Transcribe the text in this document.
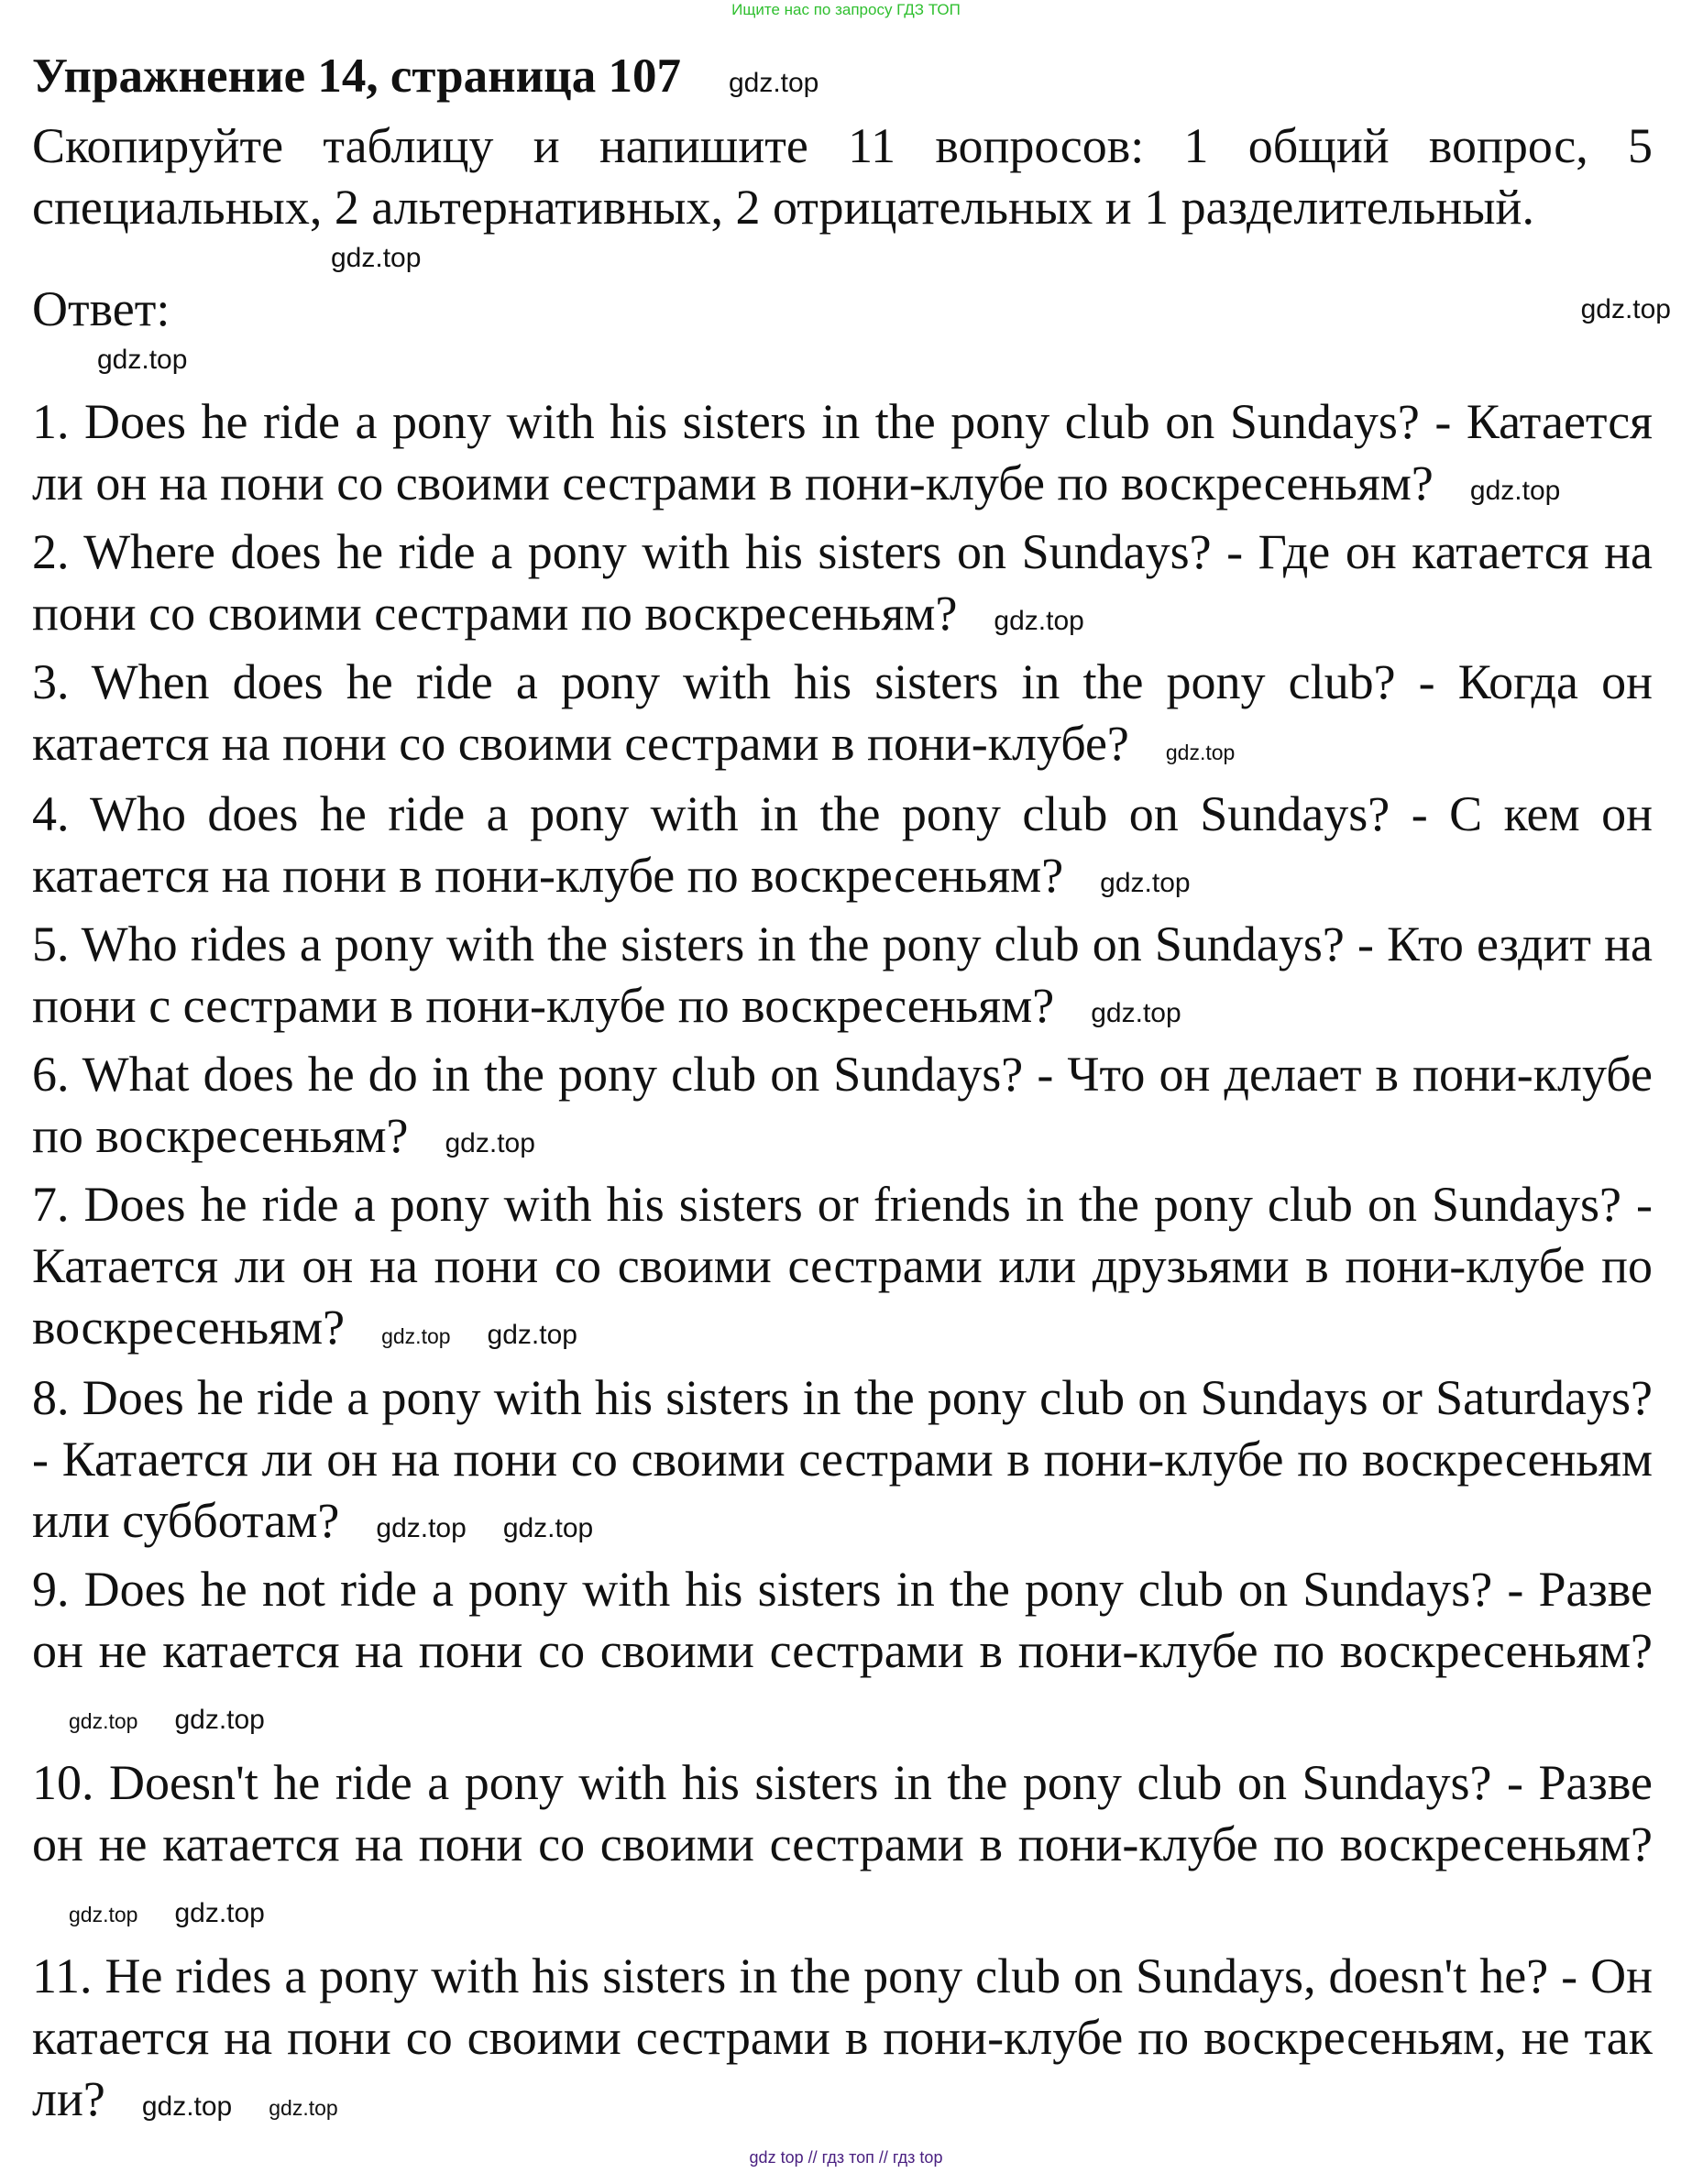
Ищите нас по запросу ГДЗ ТОП
Упражнение 14, страница 107 gdz.top

Скопируйте таблицу и напишите 11 вопросов: 1 общий вопрос, 5 специальных, 2 альтернативных, 2 отрицательных и 1 разделительный.

gdz.top
gdz.top
Ответ:
gdz.top

1. Does he ride a pony with his sisters in the pony club on Sundays? - Катается ли он на пони со своими сестрами в пони-клубе по воскресеньям? gdz.top

2. Where does he ride a pony with his sisters on Sundays? - Где он катается на пони со своими сестрами по воскресеньям? gdz.top

3. When does he ride a pony with his sisters in the pony club? - Когда он катается на пони со своими сестрами в пони-клубе? gdz.top

4. Who does he ride a pony with in the pony club on Sundays? - С кем он катается на пони в пони-клубе по воскресеньям? gdz.top

5. Who rides a pony with the sisters in the pony club on Sundays? - Кто ездит на пони с сестрами в пони-клубе по воскресеньям? gdz.top

6. What does he do in the pony club on Sundays? - Что он делает в пони-клубе по воскресеньям? gdz.top

7. Does he ride a pony with his sisters or friends in the pony club on Sundays? - Катается ли он на пони со своими сестрами или друзьями в пони-клубе по воскресеньям? gdz.top gdz.top

8. Does he ride a pony with his sisters in the pony club on Sundays or Saturdays? - Катается ли он на пони со своими сестрами в пони-клубе по воскресеньям или субботам? gdz.top gdz.top

9. Does he not ride a pony with his sisters in the pony club on Sundays? - Разве он не катается на пони со своими сестрами в пони-клубе по воскресеньям?gdz.top gdz.top

10. Doesn't he ride a pony with his sisters in the pony club on Sundays? - Разве он не катается на пони со своими сестрами в пони-клубе по воскресеньям?gdz.top gdz.top

11. He rides a pony with his sisters in the pony club on Sundays, doesn't he? - Он катается на пони со своими сестрами в пони-клубе по воскресеньям, не так ли? gdz.top gdz.top

gdz top // гдз топ // гдз top
